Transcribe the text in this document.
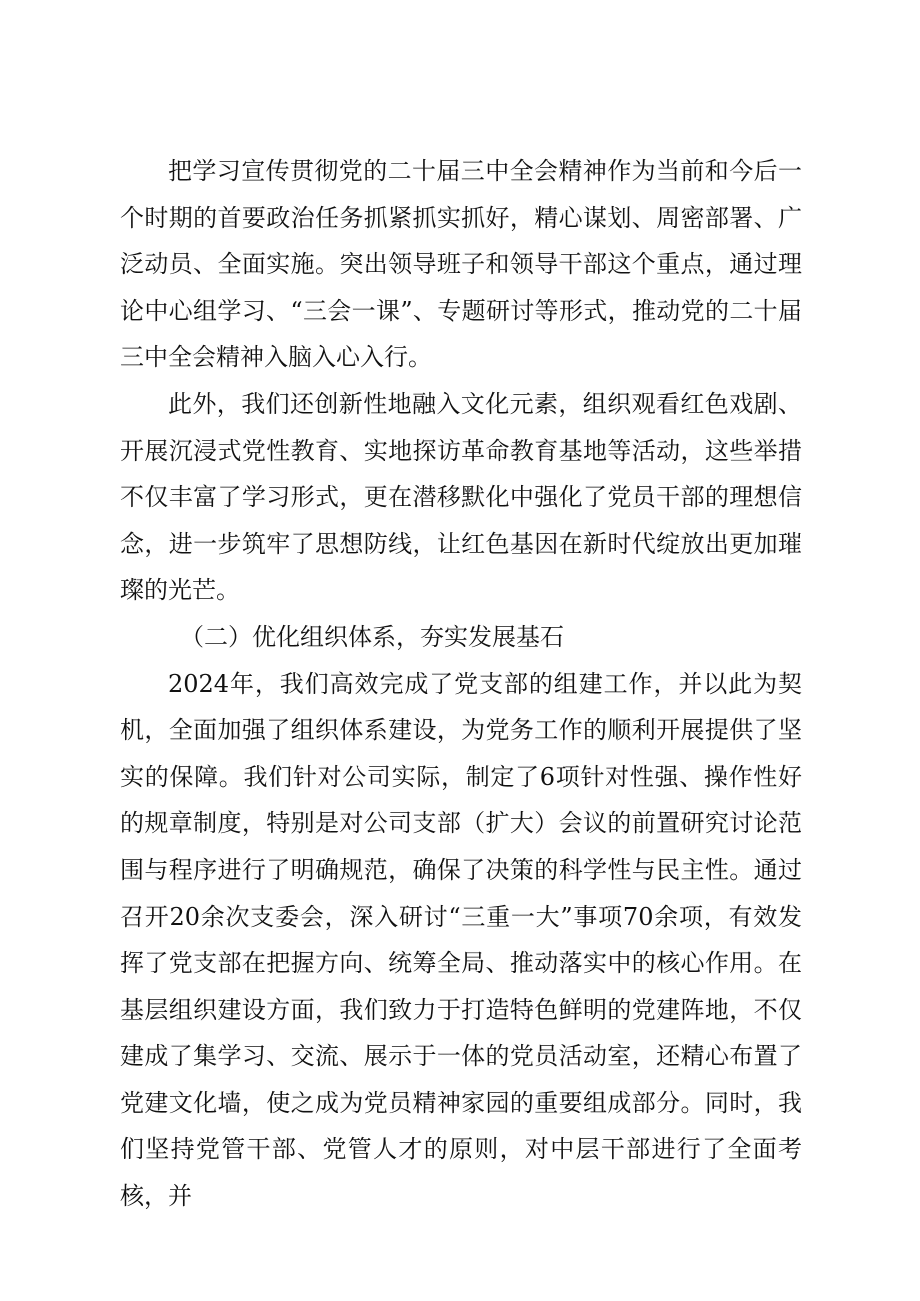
把学习宣传贯彻党的二十届三中全会精神作为当前和今后一个时期的首要政治任务抓紧抓实抓好，精心谋划、周密部署、广泛动员、全面实施。突出领导班子和领导干部这个重点，通过理论中心组学习、“三会一课”、专题研讨等形式，推动党的二十届三中全会精神入脑入心入行。

此外，我们还创新性地融入文化元素，组织观看红色戏剧、开展沉浸式党性教育、实地探访革命教育基地等活动，这些举措不仅丰富了学习形式，更在潜移默化中强化了党员干部的理想信念，进一步筑牢了思想防线，让红色基因在新时代绽放出更加璀璨的光芒。

（二）优化组织体系，夯实发展基石

2024年，我们高效完成了党支部的组建工作，并以此为契机，全面加强了组织体系建设，为党务工作的顺利开展提供了坚实的保障。我们针对公司实际，制定了6项针对性强、操作性好的规章制度，特别是对公司支部（扩大）会议的前置研究讨论范围与程序进行了明确规范，确保了决策的科学性与民主性。通过召开20余次支委会，深入研讨“三重一大”事项70余项，有效发挥了党支部在把握方向、统筹全局、推动落实中的核心作用。在基层组织建设方面，我们致力于打造特色鲜明的党建阵地，不仅建成了集学习、交流、展示于一体的党员活动室，还精心布置了党建文化墙，使之成为党员精神家园的重要组成部分。同时，我们坚持党管干部、党管人才的原则，对中层干部进行了全面考核，并
